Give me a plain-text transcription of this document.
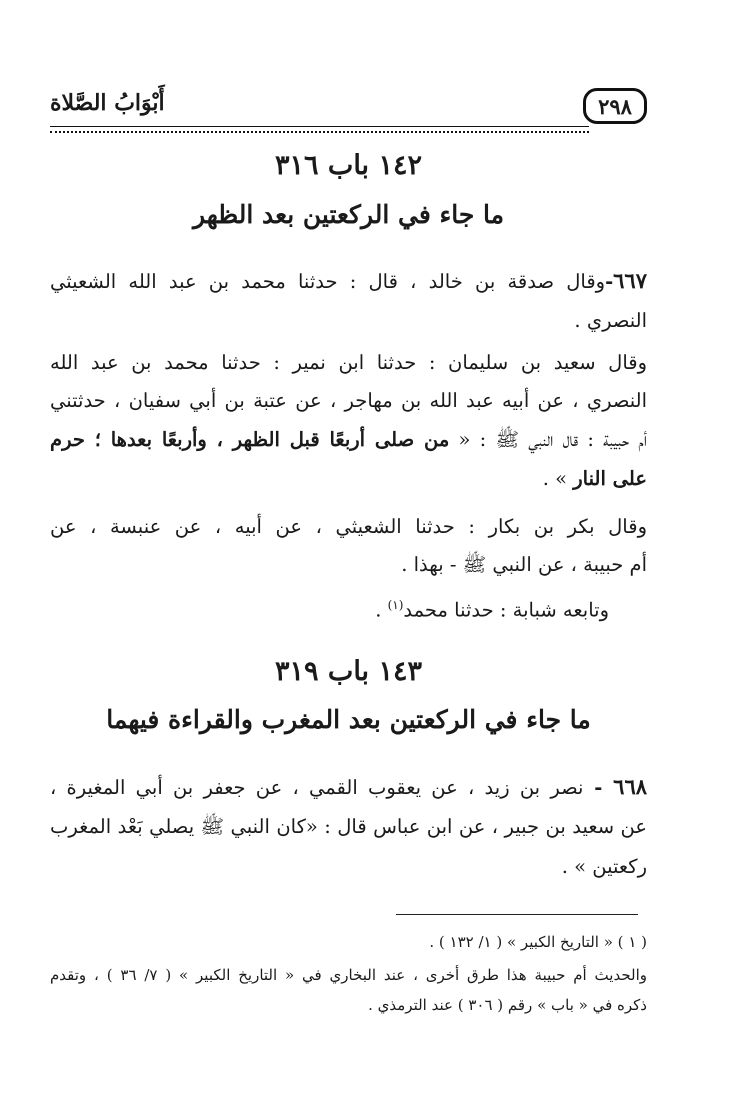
٢٩٨
أَبْوَابُ الصَّلاة
١٤٢ باب ٣١٦
ما جاء في الركعتين بعد الظهر
٦٦٧-وقال صدقة بن خالد ، قال : حدثنا محمد بن عبد الله الشعيثي
النصري .
وقال سعيد بن سليمان : حدثنا ابن نمير : حدثنا محمد بن عبد الله
النصري ، عن أبيه عبد الله بن مهاجر ، عن عتبة بن أبي سفيان ، حدثتني
أم حبيبة : قال النبي ﷺ : « من صلى أربعًا قبل الظهر ، وأربعًا بعدها ؛ حرم
على النار » .
وقال بكر بن بكار : حدثنا الشعيثي ، عن أبيه ، عن عنبسة ، عن
أم حبيبة ، عن النبي ﷺ - بهذا .
وتابعه شبابة : حدثنا محمد$^{(١)}$ .
١٤٣ باب ٣١٩
ما جاء في الركعتين بعد المغرب والقراءة فيهما
٦٦٨ - نصر بن زيد ، عن يعقوب القمي ، عن جعفر بن أبي المغيرة ،
عن سعيد بن جبير ، عن ابن عباس قال : «كان النبي ﷺ يصلي بَعْد المغرب
ركعتين » .
( ١ ) « التاريخ الكبير » ( ١/ ١٣٢ ) .
والحديث أم حبيبة هذا طرق أخرى ، عند البخاري في « التاريخ الكبير » ( ٧/ ٣٦ ) ، وتقدم
ذكره في « باب » رقم ( ٣٠٦ ) عند الترمذي .
